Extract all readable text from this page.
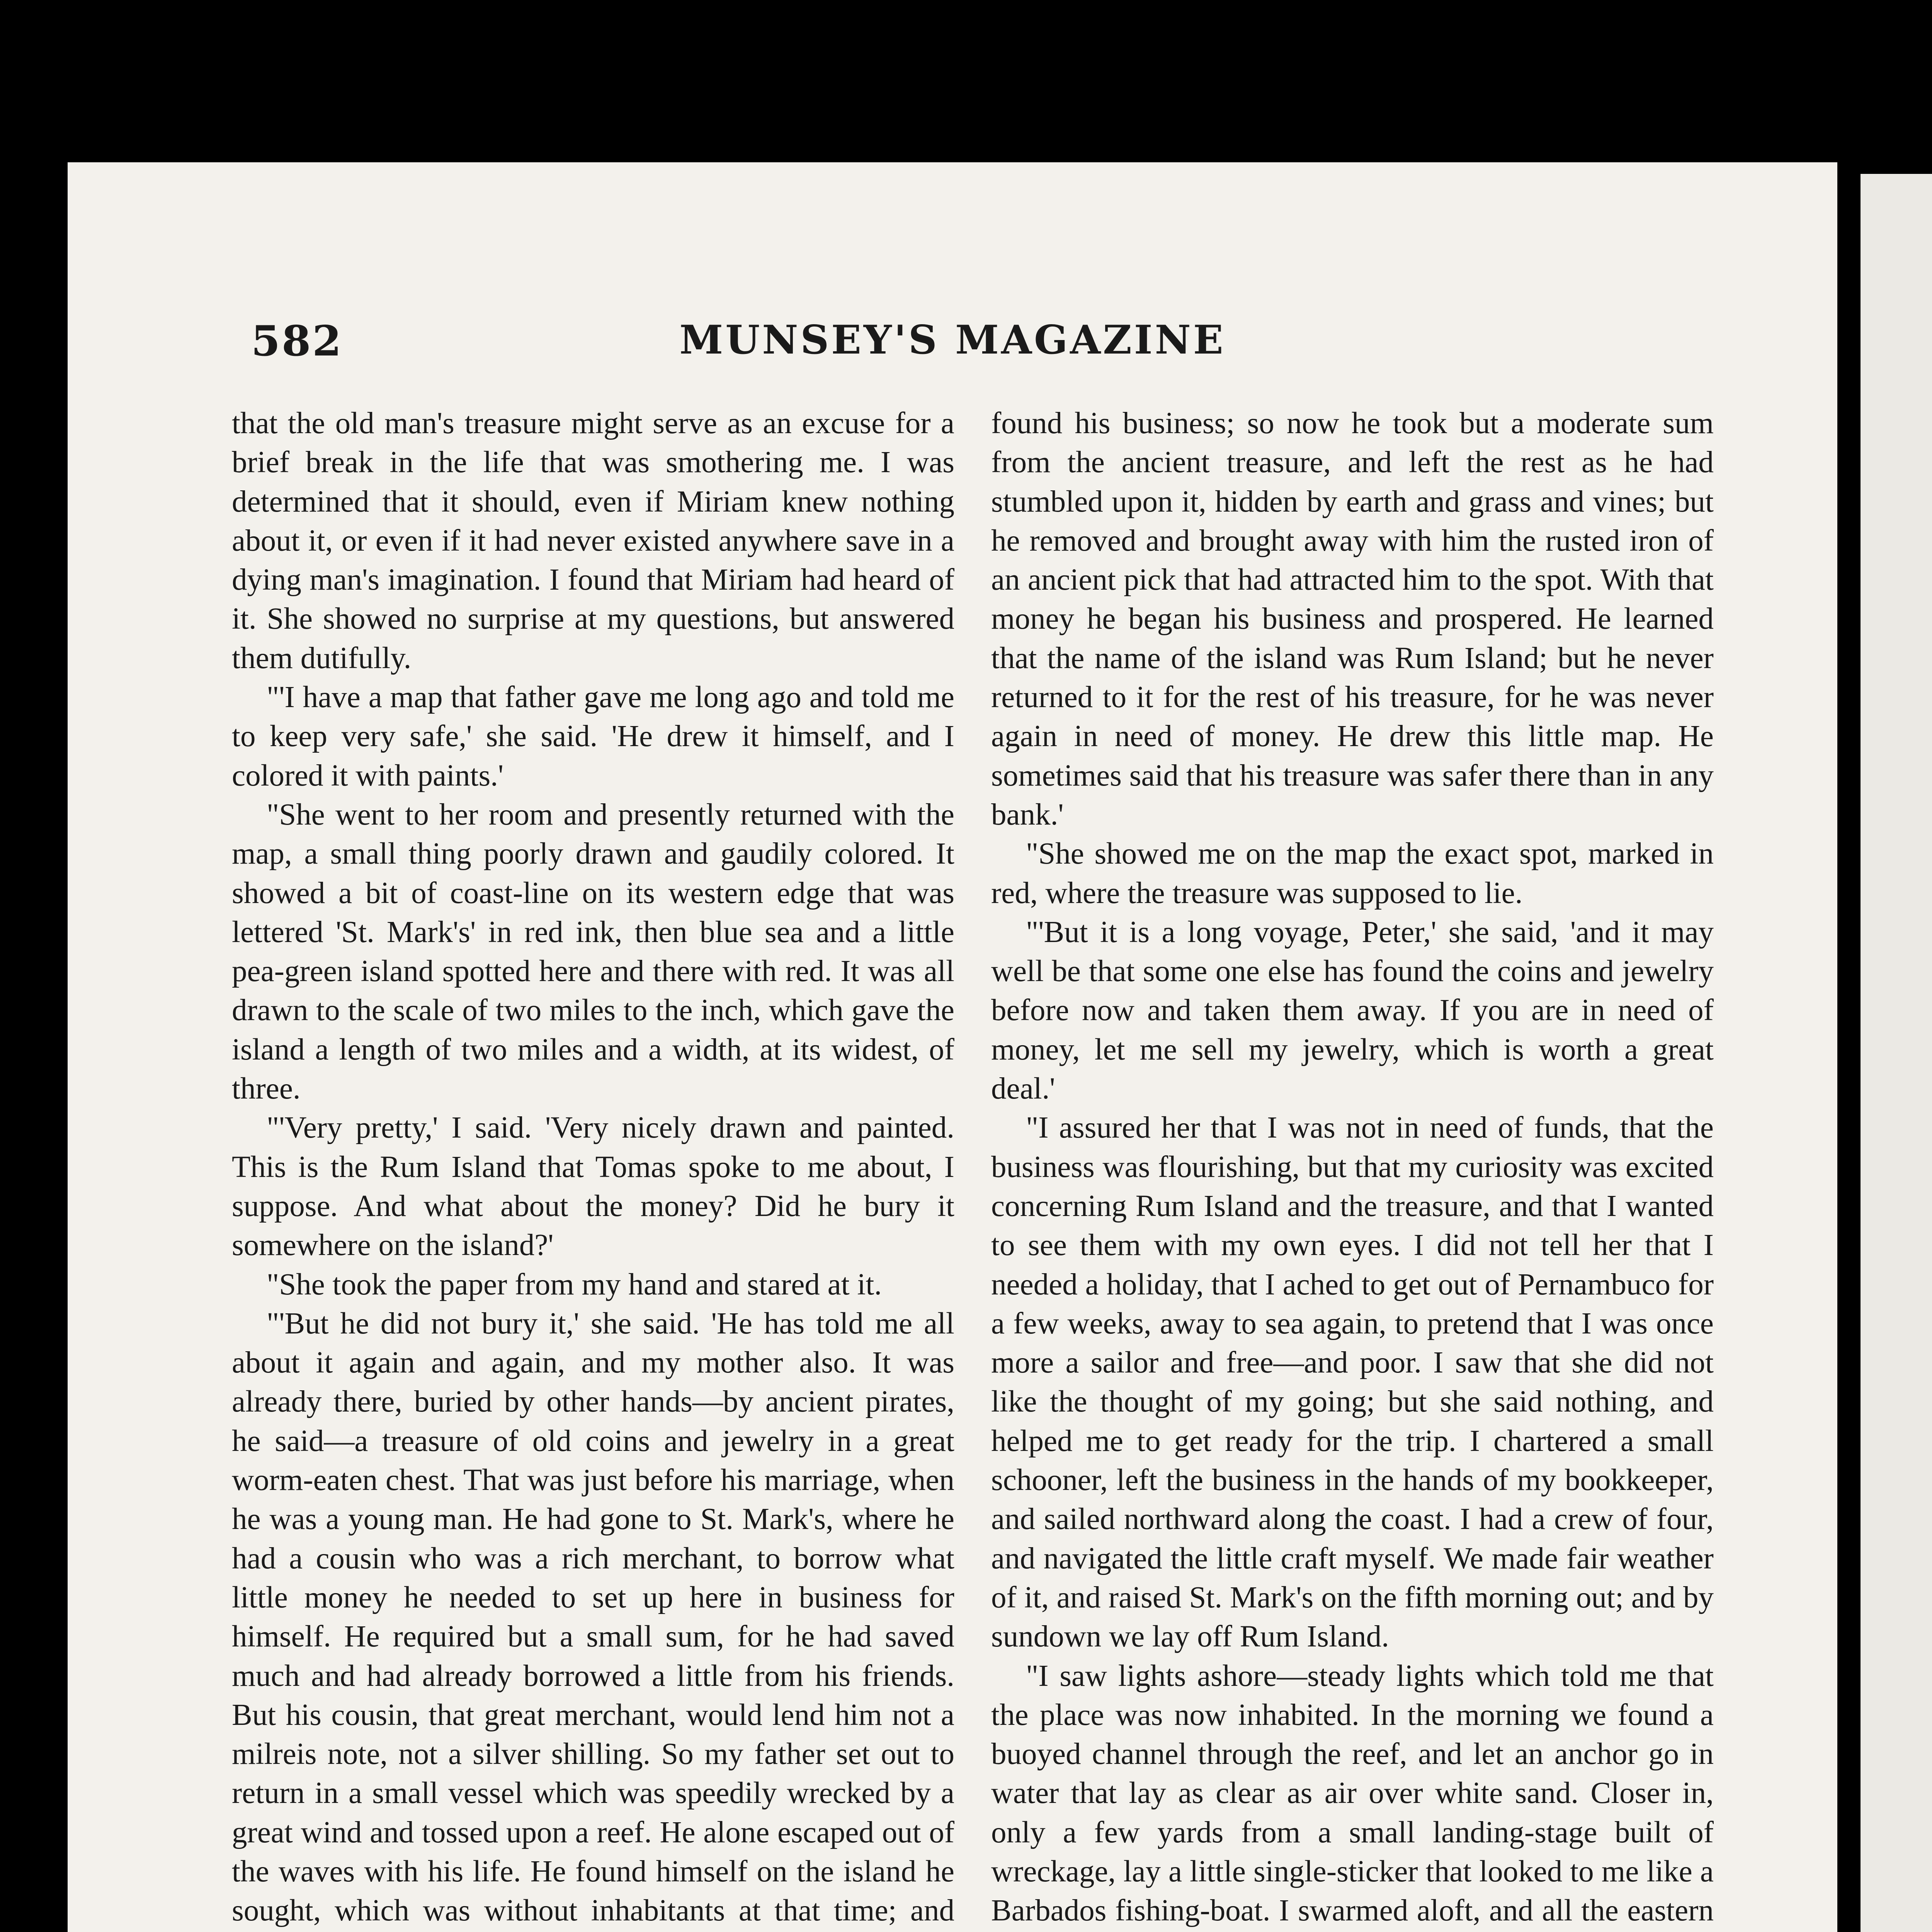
582	MUNSEY'S MAGAZINE

that the old man's treasure might serve as an excuse for a brief break in the life that was smothering me. I was determined that it should, even if Miriam knew nothing about it, or even if it had never existed anywhere save in a dying man's imagination. I found that Miriam had heard of it. She showed no surprise at my questions, but answered them dutifully.

"'I have a map that father gave me long ago and told me to keep very safe,' she said. 'He drew it himself, and I colored it with paints.'

"She went to her room and presently returned with the map, a small thing poorly drawn and gaudily colored. It showed a bit of coast-line on its western edge that was lettered 'St. Mark's' in red ink, then blue sea and a little pea-green island spotted here and there with red. It was all drawn to the scale of two miles to the inch, which gave the island a length of two miles and a width, at its widest, of three.

"'Very pretty,' I said. 'Very nicely drawn and painted. This is the Rum Island that Tomas spoke to me about, I suppose. And what about the money? Did he bury it somewhere on the island?'

"She took the paper from my hand and stared at it.

"'But he did not bury it,' she said. 'He has told me all about it again and again, and my mother also. It was already there, buried by other hands—by ancient pirates, he said—a treasure of old coins and jewelry in a great worm-eaten chest. That was just before his marriage, when he was a young man. He had gone to St. Mark's, where he had a cousin who was a rich merchant, to borrow what little money he needed to set up here in business for himself. He required but a small sum, for he had saved much and had already borrowed a little from his friends. But his cousin, that great merchant, would lend him not a milreis note, not a silver shilling. So my father set out to return in a small vessel which was speedily wrecked by a great wind and tossed upon a reef. He alone escaped out of the waves with his life. He found himself on the island he sought, which was without inhabitants at that time; and

found his business; so now he took but a moderate sum from the ancient treasure, and left the rest as he had stumbled upon it, hidden by earth and grass and vines; but he removed and brought away with him the rusted iron of an ancient pick that had attracted him to the spot. With that money he began his business and prospered. He learned that the name of the island was Rum Island; but he never returned to it for the rest of his treasure, for he was never again in need of money. He drew this little map. He sometimes said that his treasure was safer there than in any bank.'

"She showed me on the map the exact spot, marked in red, where the treasure was supposed to lie.

"'But it is a long voyage, Peter,' she said, 'and it may well be that some one else has found the coins and jewelry before now and taken them away. If you are in need of money, let me sell my jewelry, which is worth a great deal.'

"I assured her that I was not in need of funds, that the business was flourishing, but that my curiosity was excited concerning Rum Island and the treasure, and that I wanted to see them with my own eyes. I did not tell her that I needed a holiday, that I ached to get out of Pernambuco for a few weeks, away to sea again, to pretend that I was once more a sailor and free—and poor. I saw that she did not like the thought of my going; but she said nothing, and helped me to get ready for the trip. I chartered a small schooner, left the business in the hands of my bookkeeper, and sailed northward along the coast. I had a crew of four, and navigated the little craft myself. We made fair weather of it, and raised St. Mark's on the fifth morning out; and by sundown we lay off Rum Island.

"I saw lights ashore—steady lights which told me that the place was now inhabited. In the morning we found a buoyed channel through the reef, and let an anchor go in water that lay as clear as air over white sand. Closer in, only a few yards from a small landing-stage built of wreckage, lay a little single-sticker that looked to me like a Barbados fishing-boat. I swarmed aloft, and all the eastern
